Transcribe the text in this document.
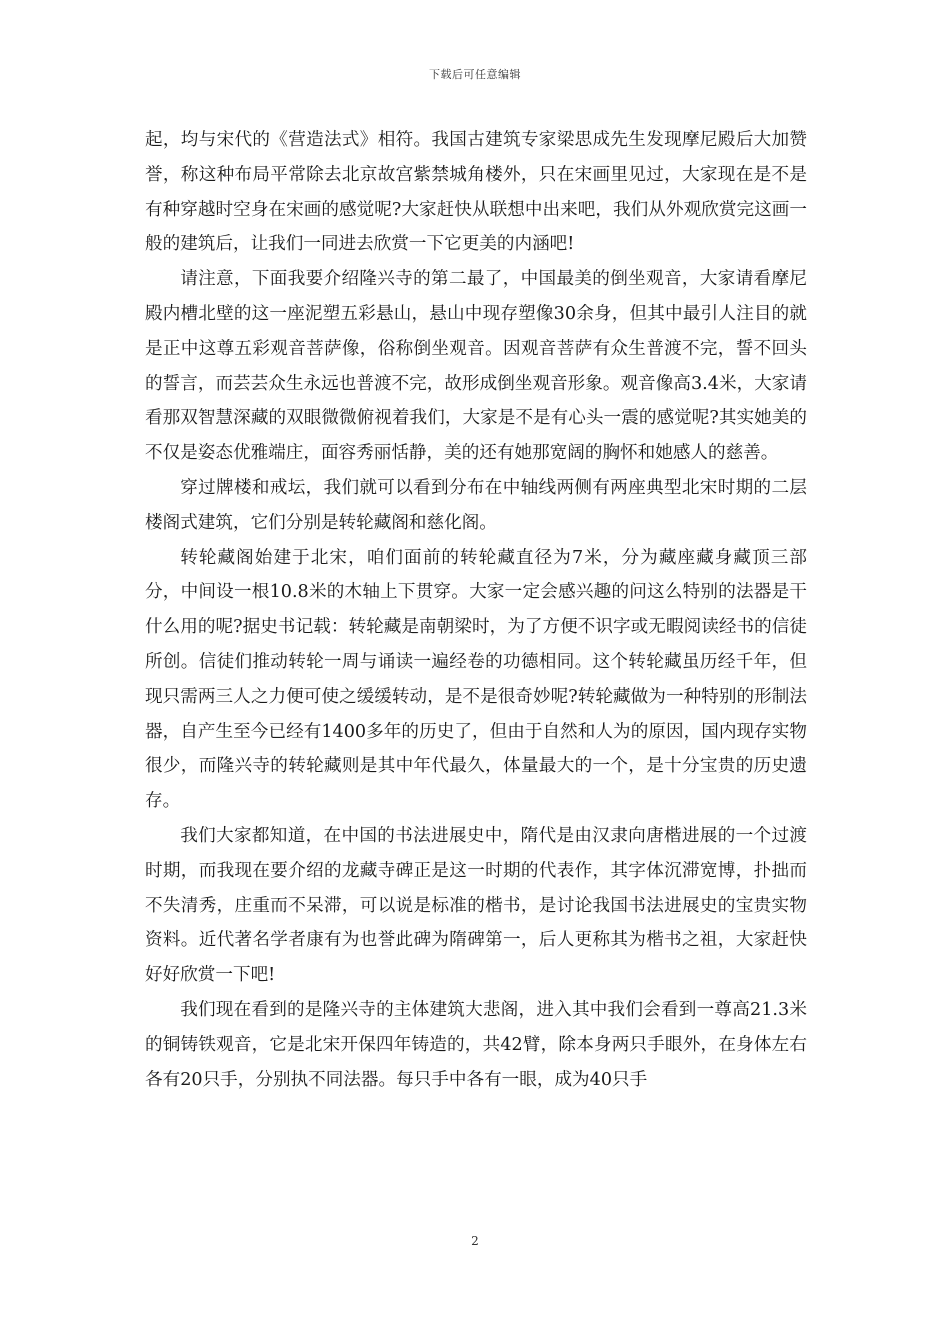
下载后可任意编辑

起，均与宋代的《营造法式》相符。我国古建筑专家梁思成先生发现摩尼殿后大加赞誉，称这种布局平常除去北京故宫紫禁城角楼外，只在宋画里见过，大家现在是不是有种穿越时空身在宋画的感觉呢?大家赶快从联想中出来吧，我们从外观欣赏完这画一般的建筑后，让我们一同进去欣赏一下它更美的内涵吧!

请注意，下面我要介绍隆兴寺的第二最了，中国最美的倒坐观音，大家请看摩尼殿内槽北壁的这一座泥塑五彩悬山，悬山中现存塑像30余身，但其中最引人注目的就是正中这尊五彩观音菩萨像，俗称倒坐观音。因观音菩萨有众生普渡不完，誓不回头的誓言，而芸芸众生永远也普渡不完，故形成倒坐观音形象。观音像高3.4米，大家请看那双智慧深藏的双眼微微俯视着我们，大家是不是有心头一震的感觉呢?其实她美的不仅是姿态优雅端庄，面容秀丽恬静，美的还有她那宽阔的胸怀和她感人的慈善。

穿过牌楼和戒坛，我们就可以看到分布在中轴线两侧有两座典型北宋时期的二层楼阁式建筑，它们分别是转轮藏阁和慈化阁。

转轮藏阁始建于北宋，咱们面前的转轮藏直径为7米，分为藏座藏身藏顶三部分，中间设一根10.8米的木轴上下贯穿。大家一定会感兴趣的问这么特别的法器是干什么用的呢?据史书记载：转轮藏是南朝梁时，为了方便不识字或无暇阅读经书的信徒所创。信徒们推动转轮一周与诵读一遍经卷的功德相同。这个转轮藏虽历经千年，但现只需两三人之力便可使之缓缓转动，是不是很奇妙呢?转轮藏做为一种特别的形制法器，自产生至今已经有1400多年的历史了，但由于自然和人为的原因，国内现存实物很少，而隆兴寺的转轮藏则是其中年代最久，体量最大的一个，是十分宝贵的历史遗存。

我们大家都知道，在中国的书法进展史中，隋代是由汉隶向唐楷进展的一个过渡时期，而我现在要介绍的龙藏寺碑正是这一时期的代表作，其字体沉滞宽博，扑拙而不失清秀，庄重而不呆滞，可以说是标准的楷书，是讨论我国书法进展史的宝贵实物资料。近代著名学者康有为也誉此碑为隋碑第一，后人更称其为楷书之祖，大家赶快好好欣赏一下吧!

我们现在看到的是隆兴寺的主体建筑大悲阁，进入其中我们会看到一尊高21.3米的铜铸铁观音，它是北宋开保四年铸造的，共42臂，除本身两只手眼外，在身体左右各有20只手，分别执不同法器。每只手中各有一眼，成为40只手

2
